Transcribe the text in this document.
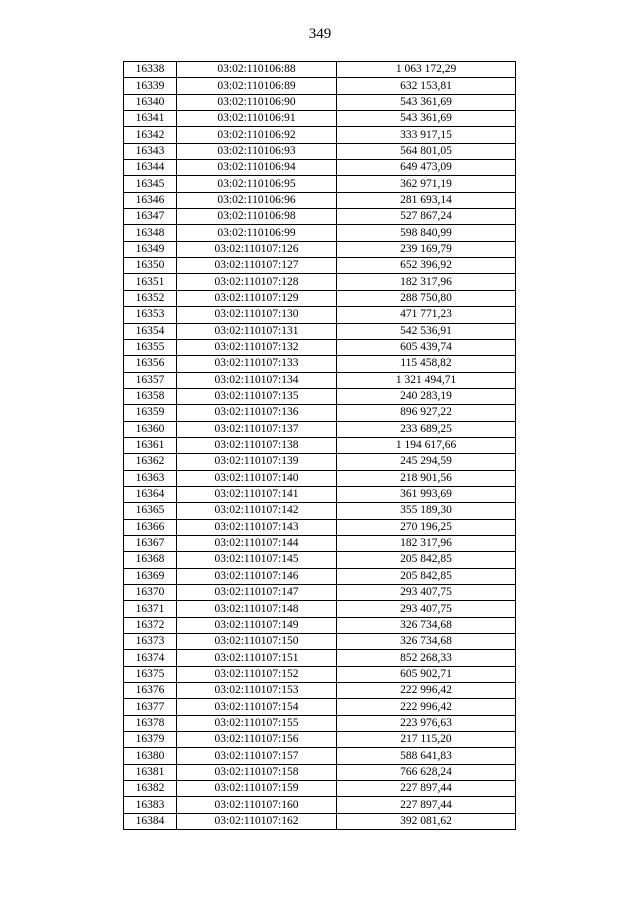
349
16338	03:02:110106:88	1 063 172,29
16339	03:02:110106:89	632 153,81
16340	03:02:110106:90	543 361,69
16341	03:02:110106:91	543 361,69
16342	03:02:110106:92	333 917,15
16343	03:02:110106:93	564 801,05
16344	03:02:110106:94	649 473,09
16345	03:02:110106:95	362 971,19
16346	03:02:110106:96	281 693,14
16347	03:02:110106:98	527 867,24
16348	03:02:110106:99	598 840,99
16349	03:02:110107:126	239 169,79
16350	03:02:110107:127	652 396,92
16351	03:02:110107:128	182 317,96
16352	03:02:110107:129	288 750,80
16353	03:02:110107:130	471 771,23
16354	03:02:110107:131	542 536,91
16355	03:02:110107:132	605 439,74
16356	03:02:110107:133	115 458,82
16357	03:02:110107:134	1 321 494,71
16358	03:02:110107:135	240 283,19
16359	03:02:110107:136	896 927,22
16360	03:02:110107:137	233 689,25
16361	03:02:110107:138	1 194 617,66
16362	03:02:110107:139	245 294,59
16363	03:02:110107:140	218 901,56
16364	03:02:110107:141	361 993,69
16365	03:02:110107:142	355 189,30
16366	03:02:110107:143	270 196,25
16367	03:02:110107:144	182 317,96
16368	03:02:110107:145	205 842,85
16369	03:02:110107:146	205 842,85
16370	03:02:110107:147	293 407,75
16371	03:02:110107:148	293 407,75
16372	03:02:110107:149	326 734,68
16373	03:02:110107:150	326 734,68
16374	03:02:110107:151	852 268,33
16375	03:02:110107:152	605 902,71
16376	03:02:110107:153	222 996,42
16377	03:02:110107:154	222 996,42
16378	03:02:110107:155	223 976,63
16379	03:02:110107:156	217 115,20
16380	03:02:110107:157	588 641,83
16381	03:02:110107:158	766 628,24
16382	03:02:110107:159	227 897,44
16383	03:02:110107:160	227 897,44
16384	03:02:110107:162	392 081,62
